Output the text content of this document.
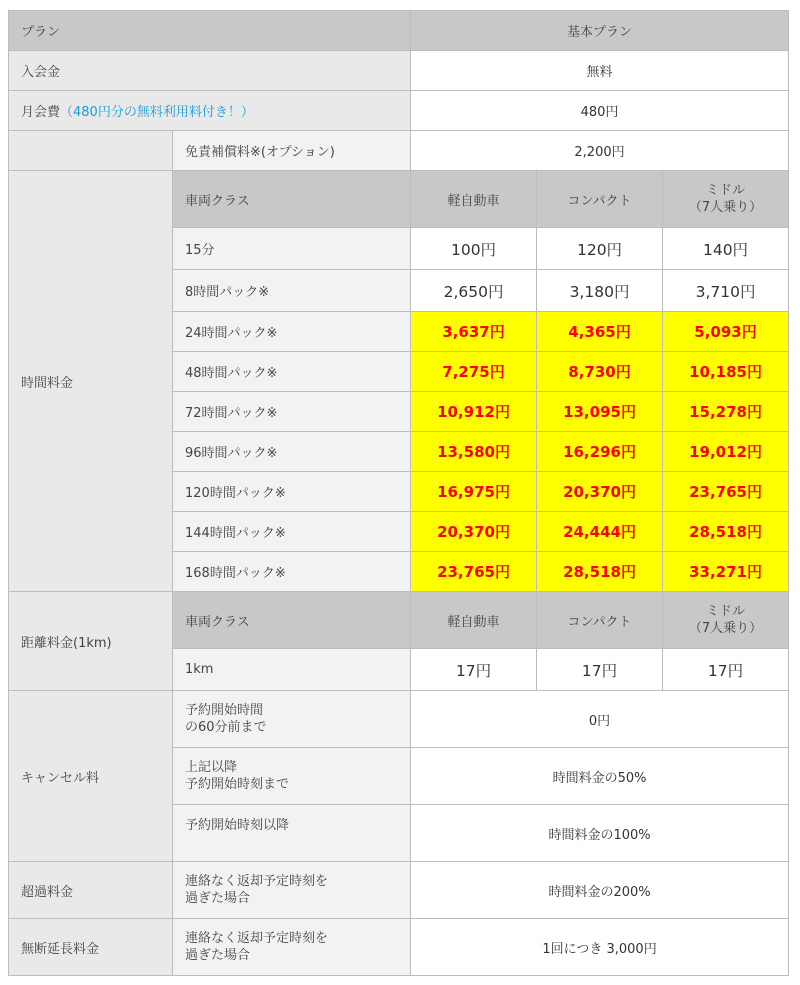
プラン		基本プラン		
入会金		無料		
月会費（480円分の無料利用料付き！）		480円		
	免責補償料※(オプション)	2,200円		
時間料金	車両クラス	軽自動車	コンパクト	ミドル
（7人乗り）
	15分	100円	120円	140円
	8時間パック※	2,650円	3,180円	3,710円
	24時間パック※	3,637円	4,365円	5,093円
	48時間パック※	7,275円	8,730円	10,185円
	72時間パック※	10,912円	13,095円	15,278円
	96時間パック※	13,580円	16,296円	19,012円
	120時間パック※	16,975円	20,370円	23,765円
	144時間パック※	20,370円	24,444円	28,518円
	168時間パック※	23,765円	28,518円	33,271円
距離料金(1km)	車両クラス	軽自動車	コンパクト	ミドル
（7人乗り）
	1km	17円	17円	17円
キャンセル料	予約開始時間
の60分前まで	0円		
	上記以降
予約開始時刻まで	時間料金の50%		
	予約開始時刻以降	時間料金の100%		
超過料金	連絡なく返却予定時刻を
過ぎた場合	時間料金の200%		
無断延長料金	連絡なく返却予定時刻を
過ぎた場合	1回につき 3,000円		
